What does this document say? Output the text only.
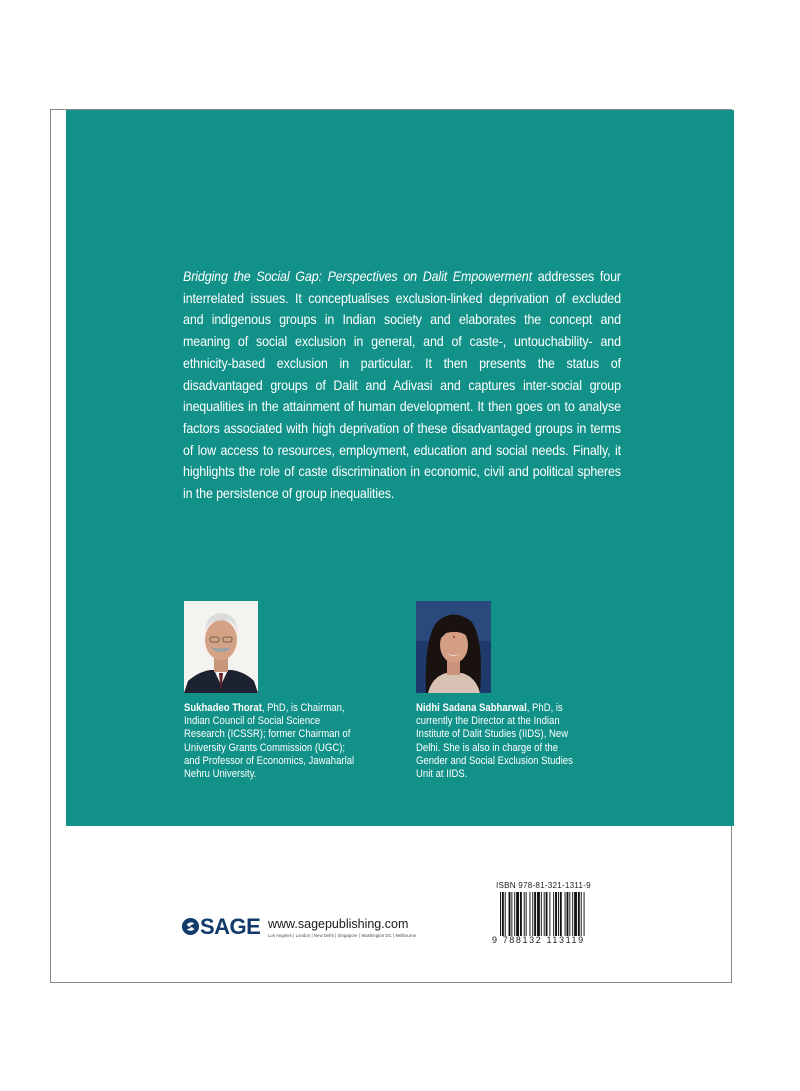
Bridging the Social Gap: Perspectives on Dalit Empowerment addresses four interrelated issues. It conceptualises exclusion-linked deprivation of excluded and indigenous groups in Indian society and elaborates the concept and meaning of social exclusion in general, and of caste-, untouchability- and ethnicity-based exclusion in particular. It then presents the status of disadvantaged groups of Dalit and Adivasi and captures inter-social group inequalities in the attainment of human development. It then goes on to analyse factors associated with high deprivation of these disadvantaged groups in terms of low access to resources, employment, education and social needs. Finally, it highlights the role of caste discrimination in economic, civil and political spheres in the persistence of group inequalities.
Sukhadeo Thorat, PhD, is Chairman, Indian Council of Social Science Research (ICSSR); former Chairman of University Grants Commission (UGC); and Professor of Economics, Jawaharlal Nehru University.
Nidhi Sadana Sabharwal, PhD, is currently the Director at the Indian Institute of Dalit Studies (IIDS), New Delhi. She is also in charge of the Gender and Social Exclusion Studies Unit at IIDS.
SAGE www.sagepublishing.com
Los Angeles | London | New Delhi | Singapore | Washington DC | Melbourne
ISBN 978-81-321-1311-9
9 788132 113119
